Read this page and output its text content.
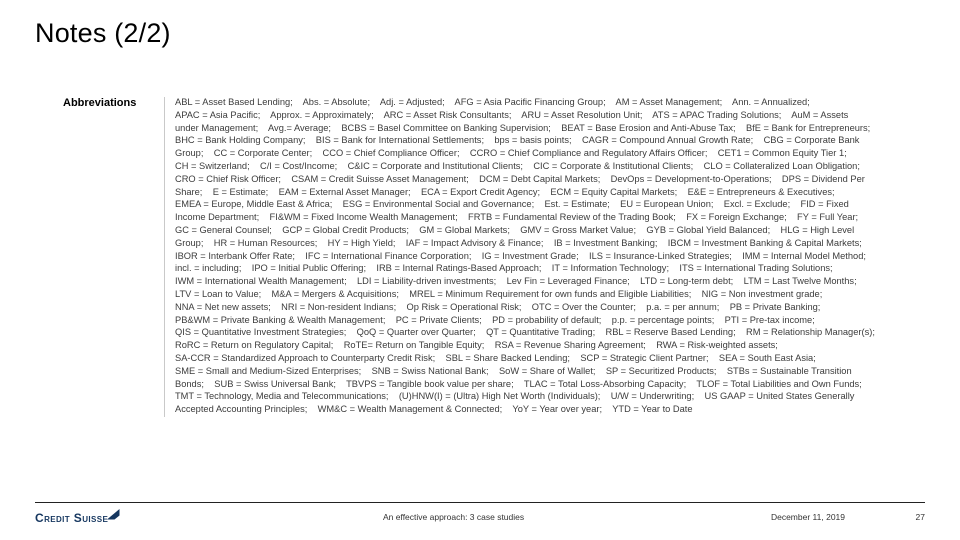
Notes (2/2)
Abbreviations	ABL = Asset Based Lending;    Abs. = Absolute;    Adj. = Adjusted;    AFG = Asia Pacific Financing Group;    AM = Asset Management;    Ann. = Annualized;
APAC = Asia Pacific;    Approx. = Approximately;    ARC = Asset Risk Consultants;    ARU = Asset Resolution Unit;    ATS = APAC Trading Solutions;    AuM = Assets
under Management;    Avg.= Average;    BCBS = Basel Committee on Banking Supervision;    BEAT = Base Erosion and Anti-Abuse Tax;    BfE = Bank for Entrepreneurs;
BHC = Bank Holding Company;    BIS = Bank for International Settlements;    bps = basis points;    CAGR = Compound Annual Growth Rate;    CBG = Corporate Bank
Group;    CC = Corporate Center;    CCO = Chief Compliance Officer;    CCRO = Chief Compliance and Regulatory Affairs Officer;    CET1 = Common Equity Tier 1;
CH = Switzerland;    C/I = Cost/Income;    C&IC = Corporate and Institutional Clients;    CIC = Corporate & Institutional Clients;    CLO = Collateralized Loan Obligation;
CRO = Chief Risk Officer;    CSAM = Credit Suisse Asset Management;    DCM = Debt Capital Markets;    DevOps = Development-to-Operations;    DPS = Dividend Per
Share;    E = Estimate;    EAM = External Asset Manager;    ECA = Export Credit Agency;    ECM = Equity Capital Markets;    E&E = Entrepreneurs & Executives;
EMEA = Europe, Middle East & Africa;    ESG = Environmental Social and Governance;    Est. = Estimate;    EU = European Union;    Excl. = Exclude;    FID = Fixed
Income Department;    FI&WM = Fixed Income Wealth Management;    FRTB = Fundamental Review of the Trading Book;    FX = Foreign Exchange;    FY = Full Year;
GC = General Counsel;    GCP = Global Credit Products;    GM = Global Markets;    GMV = Gross Market Value;    GYB = Global Yield Balanced;    HLG = High Level
Group;    HR = Human Resources;    HY = High Yield;    IAF = Impact Advisory & Finance;    IB = Investment Banking;    IBCM = Investment Banking & Capital Markets;
IBOR = Interbank Offer Rate;    IFC = International Finance Corporation;    IG = Investment Grade;    ILS = Insurance-Linked Strategies;    IMM = Internal Model Method;
incl. = including;    IPO = Initial Public Offering;    IRB = Internal Ratings-Based Approach;    IT = Information Technology;    ITS = International Trading Solutions;
IWM = International Wealth Management;    LDI = Liability-driven investments;    Lev Fin = Leveraged Finance;    LTD = Long-term debt;    LTM = Last Twelve Months;
LTV = Loan to Value;    M&A = Mergers & Acquisitions;    MREL = Minimum Requirement for own funds and Eligible Liabilities;    NIG = Non investment grade;
NNA = Net new assets;    NRI = Non-resident Indians;    Op Risk = Operational Risk;    OTC = Over the Counter;    p.a. = per annum;    PB = Private Banking;
PB&WM = Private Banking & Wealth Management;    PC = Private Clients;    PD = probability of default;    p.p. = percentage points;    PTI = Pre-tax income;
QIS = Quantitative Investment Strategies;    QoQ = Quarter over Quarter;    QT = Quantitative Trading;    RBL = Reserve Based Lending;    RM = Relationship Manager(s);
RoRC = Return on Regulatory Capital;    RoTE= Return on Tangible Equity;    RSA = Revenue Sharing Agreement;    RWA = Risk-weighted assets;
SA-CCR = Standardized Approach to Counterparty Credit Risk;    SBL = Share Backed Lending;    SCP = Strategic Client Partner;    SEA = South East Asia;
SME = Small and Medium-Sized Enterprises;    SNB = Swiss National Bank;    SoW = Share of Wallet;    SP = Securitized Products;    STBs = Sustainable Transition
Bonds;    SUB = Swiss Universal Bank;    TBVPS = Tangible book value per share;    TLAC = Total Loss-Absorbing Capacity;    TLOF = Total Liabilities and Own Funds;
TMT = Technology, Media and Telecommunications;    (U)HNW(I) = (Ultra) High Net Worth (Individuals);    U/W = Underwriting;    US GAAP = United States Generally
Accepted Accounting Principles;    WM&C = Wealth Management & Connected;    YoY = Year over year;    YTD = Year to Date
Credit Suisse	An effective approach: 3 case studies	December 11, 2019	27
